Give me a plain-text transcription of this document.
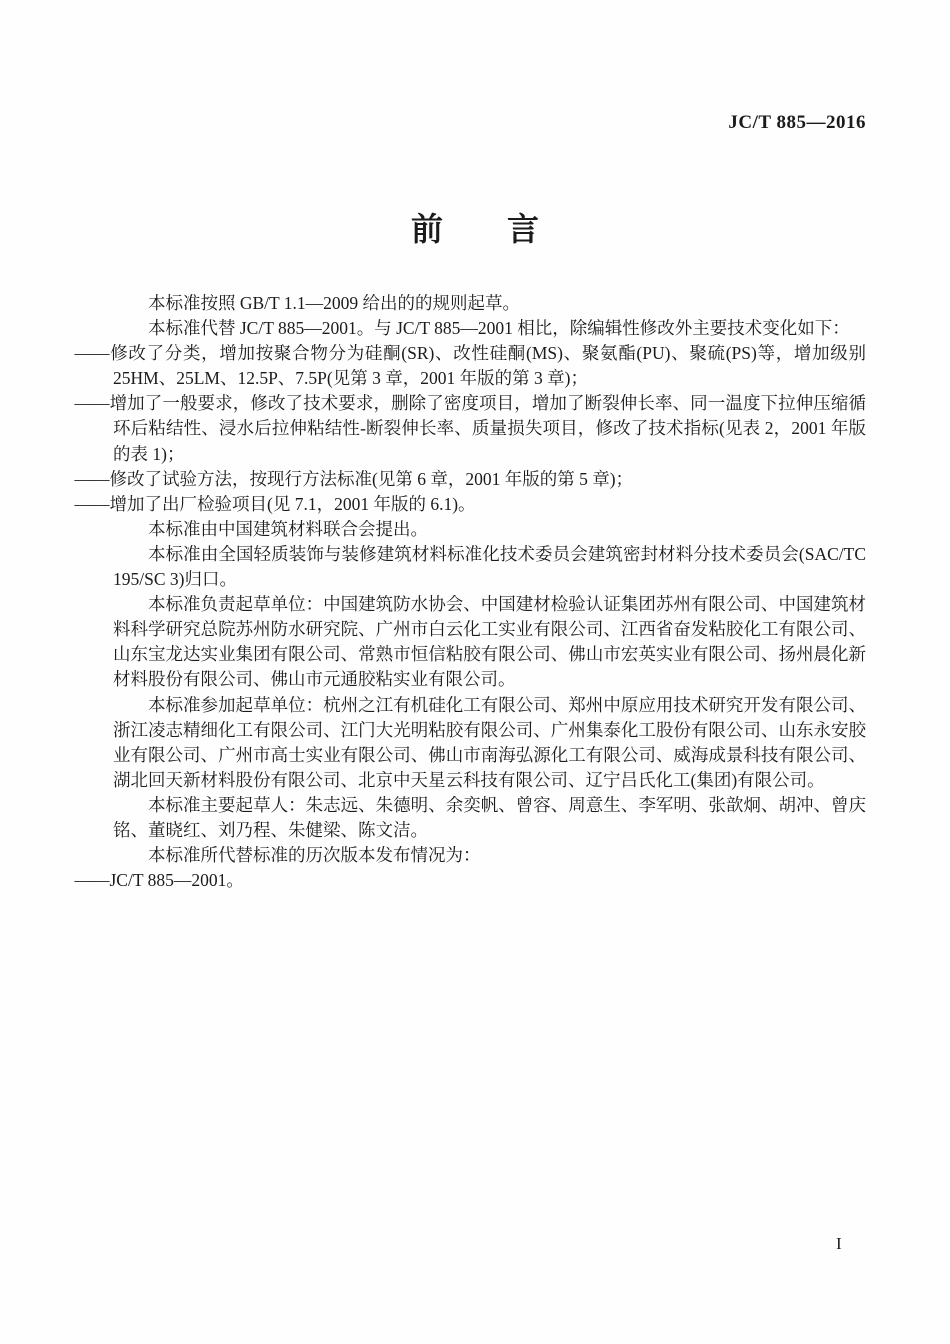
JC/T 885—2016
前　　言

本标准按照 GB/T 1.1—2009 给出的的规则起草。

本标准代替 JC/T 885—2001。与 JC/T 885—2001 相比，除编辑性修改外主要技术变化如下：

——修改了分类，增加按聚合物分为硅酮(SR)、改性硅酮(MS)、聚氨酯(PU)、聚硫(PS)等，增加级别 25HM、25LM、12.5P、7.5P(见第 3 章，2001 年版的第 3 章)；

——增加了一般要求，修改了技术要求，删除了密度项目，增加了断裂伸长率、同一温度下拉伸压缩循环后粘结性、浸水后拉伸粘结性-断裂伸长率、质量损失项目，修改了技术指标(见表 2，2001 年版的表 1)；

——修改了试验方法，按现行方法标准(见第 6 章，2001 年版的第 5 章)；

——增加了出厂检验项目(见 7.1，2001 年版的 6.1)。

本标准由中国建筑材料联合会提出。

本标准由全国轻质装饰与装修建筑材料标准化技术委员会建筑密封材料分技术委员会(SAC/TC 195/SC 3)归口。

本标准负责起草单位：中国建筑防水协会、中国建材检验认证集团苏州有限公司、中国建筑材料科学研究总院苏州防水研究院、广州市白云化工实业有限公司、江西省奋发粘胶化工有限公司、山东宝龙达实业集团有限公司、常熟市恒信粘胶有限公司、佛山市宏英实业有限公司、扬州晨化新材料股份有限公司、佛山市元通胶粘实业有限公司。

本标准参加起草单位：杭州之江有机硅化工有限公司、郑州中原应用技术研究开发有限公司、浙江凌志精细化工有限公司、江门大光明粘胶有限公司、广州集泰化工股份有限公司、山东永安胶业有限公司、广州市高士实业有限公司、佛山市南海弘源化工有限公司、威海成景科技有限公司、湖北回天新材料股份有限公司、北京中天星云科技有限公司、辽宁吕氏化工(集团)有限公司。

本标准主要起草人：朱志远、朱德明、余奕帆、曾容、周意生、李军明、张歆炯、胡冲、曾庆铭、董晓红、刘乃程、朱健梁、陈文洁。

本标准所代替标准的历次版本发布情况为：

——JC/T 885—2001。

I
